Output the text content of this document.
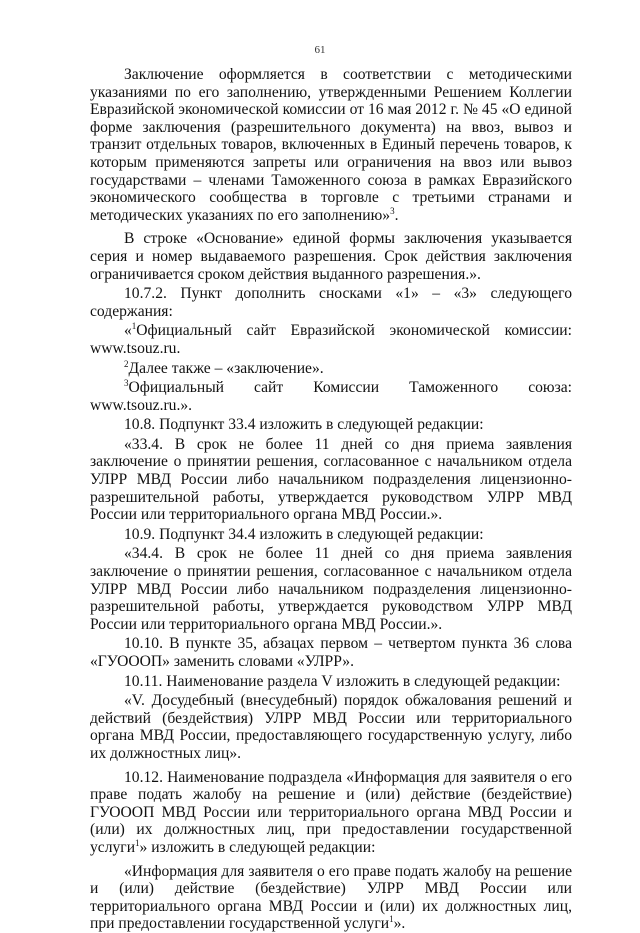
61

Заключение оформляется в соответствии с методическими указаниями по его заполнению, утвержденными Решением Коллегии Евразийской экономической комиссии от 16 мая 2012 г. № 45 «О единой форме заключения (разрешительного документа) на ввоз, вывоз и транзит отдельных товаров, включенных в Единый перечень товаров, к которым применяются запреты или ограничения на ввоз или вывоз государствами – членами Таможенного союза в рамках Евразийского экономического сообщества в торговле с третьими странами и методических указаниях по его заполнению»$^3$.

В строке «Основание» единой формы заключения указывается серия и номер выдаваемого разрешения. Срок действия заключения ограничивается сроком действия выданного разрешения.».

10.7.2. Пункт дополнить сносками «1» – «3» следующего содержания:

«$^1$Официальный сайт Евразийской экономической комиссии: www.tsouz.ru.

$^2$Далее также – «заключение».

$^3$Официальный сайт Комиссии Таможенного союза: www.tsouz.ru.».

10.8. Подпункт 33.4 изложить в следующей редакции:

«33.4. В срок не более 11 дней со дня приема заявления заключение о принятии решения, согласованное с начальником отдела УЛРР МВД России либо начальником подразделения лицензионно-разрешительной работы, утверждается руководством УЛРР МВД России или территориального органа МВД России.».

10.9. Подпункт 34.4 изложить в следующей редакции:

«34.4. В срок не более 11 дней со дня приема заявления заключение о принятии решения, согласованное с начальником отдела УЛРР МВД России либо начальником подразделения лицензионно-разрешительной работы, утверждается руководством УЛРР МВД России или территориального органа МВД России.».

10.10. В пункте 35, абзацах первом – четвертом пункта 36 слова «ГУОООП» заменить словами «УЛРР».

10.11. Наименование раздела V изложить в следующей редакции:

«V. Досудебный (внесудебный) порядок обжалования решений и действий (бездействия) УЛРР МВД России или территориального органа МВД России, предоставляющего государственную услугу, либо их должностных лиц».

10.12. Наименование подраздела «Информация для заявителя о его праве подать жалобу на решение и (или) действие (бездействие) ГУОООП МВД России или территориального органа МВД России и (или) их должностных лиц, при предоставлении государственной услуги$^1$» изложить в следующей редакции:

«Информация для заявителя о его праве подать жалобу на решение и (или) действие (бездействие) УЛРР МВД России или территориального органа МВД России и (или) их должностных лиц, при предоставлении государственной услуги$^1$».
